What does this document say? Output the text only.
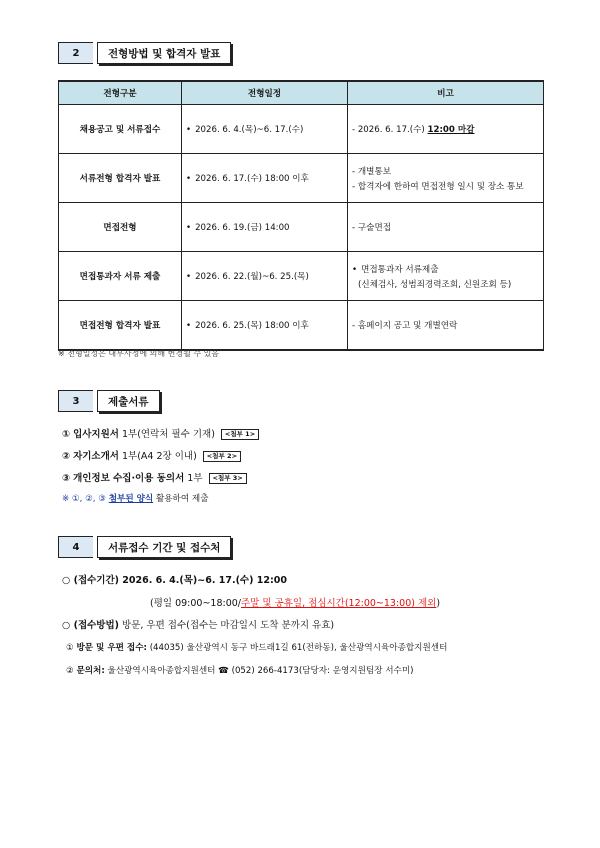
2	전형방법 및 합격자 발표
전형구분	전형일정	비고
채용공고 및 서류접수	• 2026. 6. 4.(목)~6. 17.(수)	- 2026. 6. 17.(수) 12:00 마감
서류전형 합격자 발표	• 2026. 6. 17.(수) 18:00 이후	- 개별통보
- 합격자에 한하여 면접전형 일시 및 장소 통보

면접전형	• 2026. 6. 19.(금) 14:00	- 구술면접
면접통과자 서류 제출	• 2026. 6. 22.(월)~6. 25.(목)	• 면접통과자 서류제출
(신체검사, 성범죄경력조회, 신원조회 등)

면접전형 합격자 발표	• 2026. 6. 25.(목) 18:00 이후	- 홈페이지 공고 및 개별연락
※ 전형일정은 내부사정에 의해 변경될 수 있음
3	제출서류
① 입사지원서 1부(연락처 필수 기재) <첨부 1>
② 자기소개서 1부(A4 2장 이내) <첨부 2>
③ 개인정보 수집·이용 동의서 1부 <첨부 3>
※ ①, ②, ③ 첨부된 양식 활용하여 제출
4	서류접수 기간 및 접수처
○ (접수기간) 2026. 6. 4.(목)~6. 17.(수) 12:00
(평일 09:00~18:00/주말 및 공휴일, 점심시간(12:00~13:00) 제외)
○ (접수방법) 방문, 우편 접수(접수는 마감일시 도착 분까지 유효)
① 방문 및 우편 접수: (44035) 울산광역시 동구 바드래1길 61(전하동), 울산광역시육아종합지원센터
② 문의처: 울산광역시육아종합지원센터 ☎ (052) 266-4173(담당자: 운영지원팀장 서수미)
